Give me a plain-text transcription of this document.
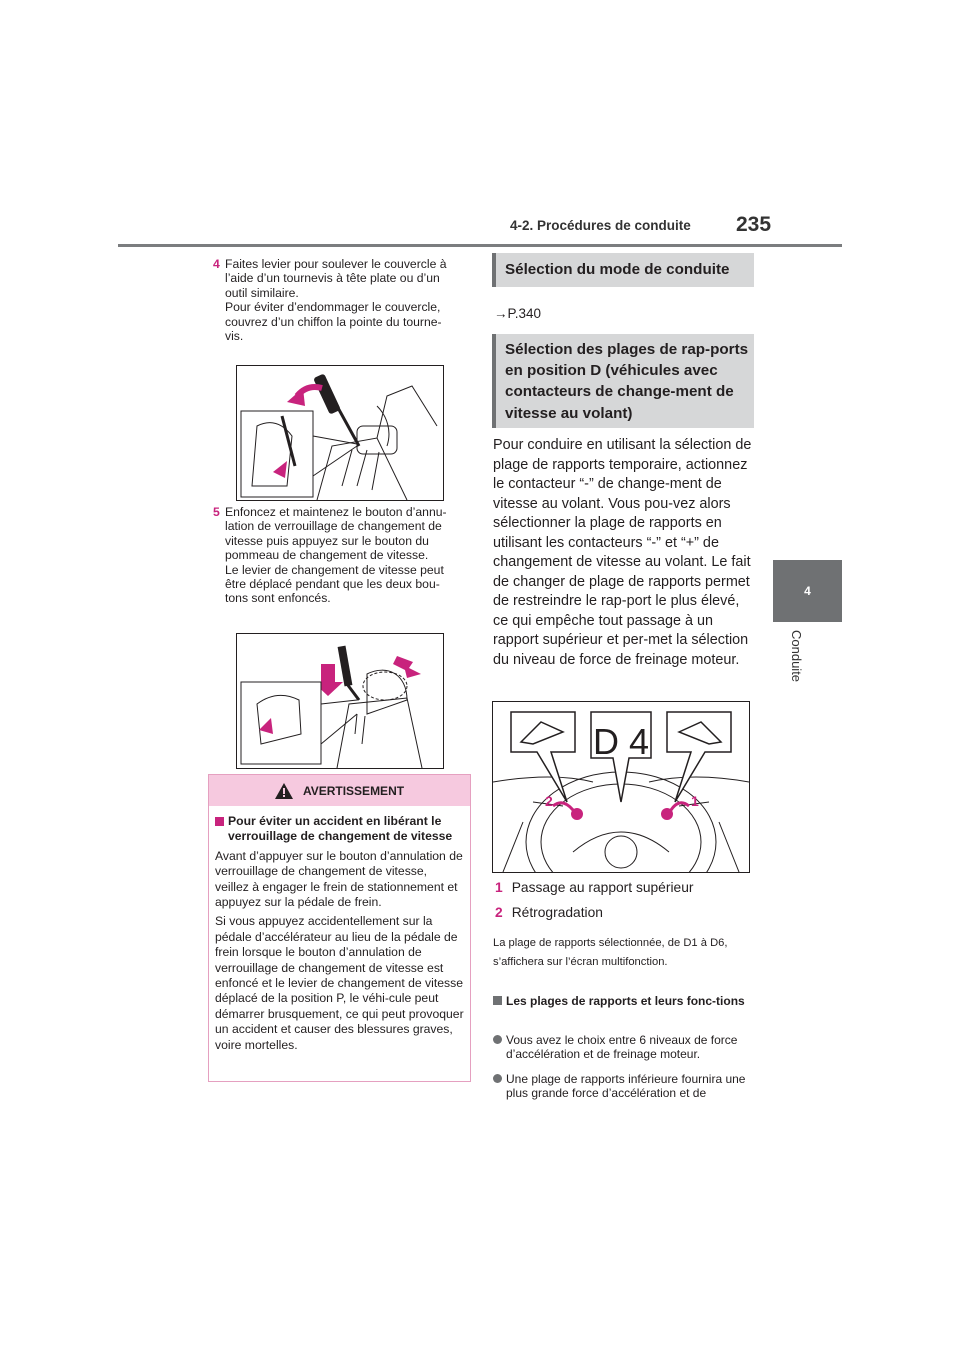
4-2. Procédures de conduite 235
4
Conduite
4 Faites levier pour soulever le couvercle à

l’aide d’un tournevis à tête plate ou d’un

outil similaire.

Pour éviter d’endommager le couvercle,

couvrez d’un chiffon la pointe du tourne-

vis.

5 Enfoncez et maintenez le bouton d’annu-

lation de verrouillage de changement de

vitesse puis appuyez sur le bouton du

pommeau de changement de vitesse.

Le levier de changement de vitesse peut

être déplacé pendant que les deux bou-

tons sont enfoncés.

AVERTISSEMENT
Pour éviter un accident en libérant le verrouillage de changement de vitesse

Avant d’appuyer sur le bouton d’annulation de verrouillage de changement de vitesse, veillez à engager le frein de stationnement et appuyez sur la pédale de frein.

Si vous appuyez accidentellement sur la pédale d’accélérateur au lieu de la pédale de frein lorsque le bouton d’annulation de verrouillage de changement de vitesse est enfoncé et le levier de changement de vitesse déplacé de la position P, le véhi-cule peut démarrer brusquement, ce qui peut provoquer un accident et causer des blessures graves, voire mortelles.

Sélection du mode de conduite
→P.340
Sélection des plages de rap-ports en position D (véhicules avec contacteurs de change-ment de vitesse au volant)
Pour conduire en utilisant la sélection de plage de rapports temporaire, actionnez le contacteur “-” de change-ment de vitesse au volant. Vous pou-vez alors sélectionner la plage de rapports en utilisant les contacteurs “-” et “+” de changement de vitesse au volant. Le fait de changer de plage de rapports permet de restreindre le rap-port le plus élevé, ce qui empêche tout passage à un rapport supérieur et per-met la sélection du niveau de force de freinage moteur.
D 4
2	1
1 Passage au rapport supérieur
2 Rétrogradation
La plage de rapports sélectionnée, de D1 à D6, s’affichera sur l’écran multifonction.
Les plages de rapports et leurs fonc-tions
Vous avez le choix entre 6 niveaux de force d’accélération et de freinage moteur.
Une plage de rapports inférieure fournira une plus grande force d’accélération et de
